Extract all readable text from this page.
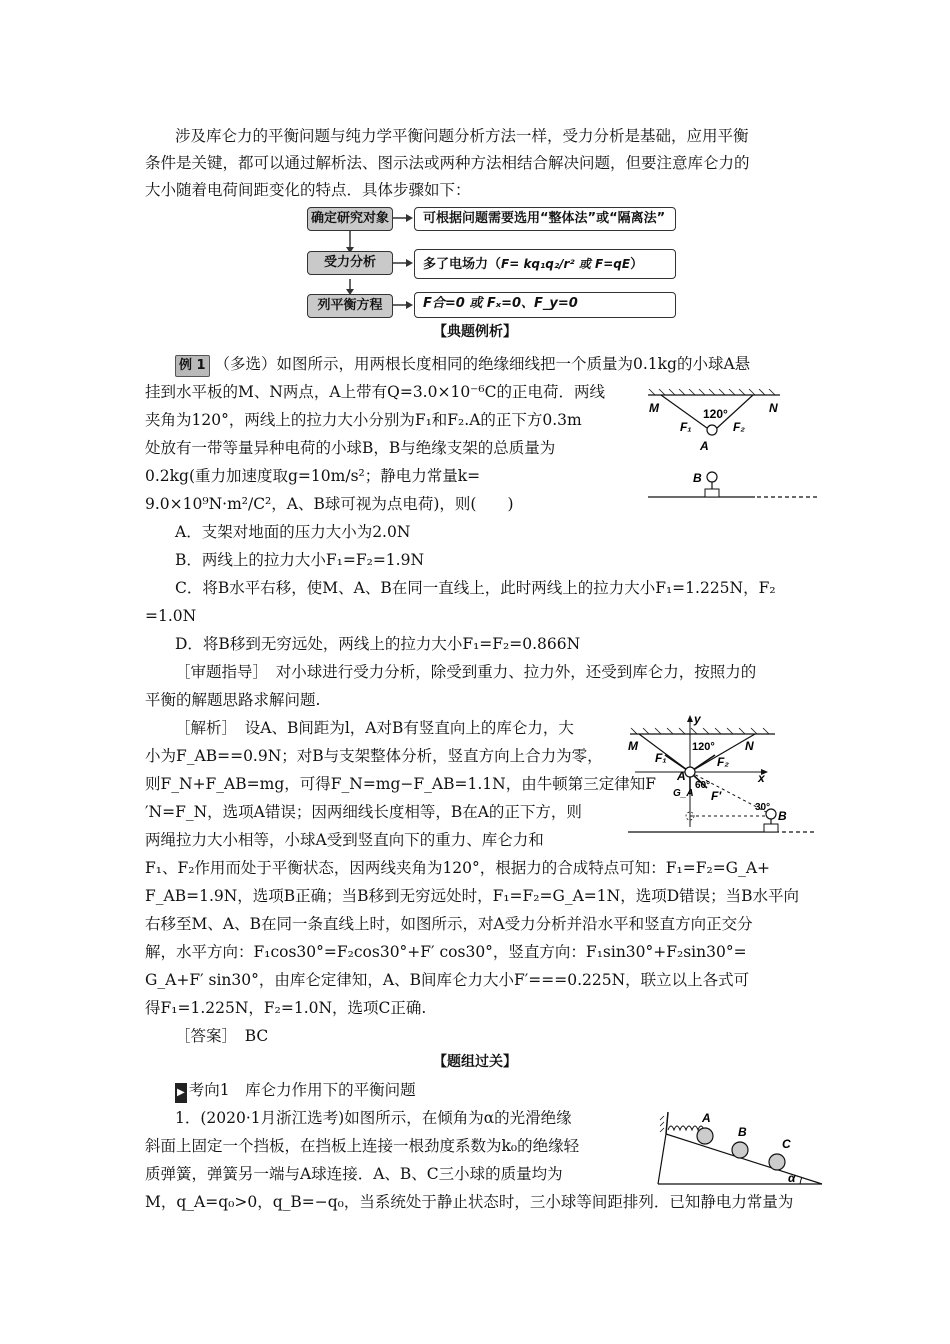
涉及库仑力的平衡问题与纯力学平衡问题分析方法一样，受力分析是基础，应用平衡
条件是关键，都可以通过解析法、图示法或两种方法相结合解决问题，但要注意库仑力的
大小随着电荷间距变化的特点．具体步骤如下：
确定研究对象	可根据问题需要选用“整体法”或“隔离法”
受力分析	多了电场力（F= kq₁q₂/r² 或 F=qE）
列平衡方程	F合=0 或 Fₓ=0、F_y=0
【典题例析】
例 1 （多选）如图所示，用两根长度相同的绝缘细线把一个质量为0.1kg的小球A悬
挂到水平板的M、N两点，A上带有Q=3.0×10⁻⁶C的正电荷．两线
夹角为120°，两线上的拉力大小分别为F₁和F₂.A的正下方0.3m
处放有一带等量异种电荷的小球B，B与绝缘支架的总质量为
0.2kg(重力加速度取g=10m/s²；静电力常量k=
9.0×10⁹N·m²/C²，A、B球可视为点电荷)，则(　　)
A．支架对地面的压力大小为2.0N
B．两线上的拉力大小F₁=F₂=1.9N
C．将B水平右移，使M、A、B在同一直线上，此时两线上的拉力大小F₁=1.225N，F₂
=1.0N
D．将B移到无穷远处，两线上的拉力大小F₁=F₂=0.866N
M	N
120°
F₁	F₂
A
B
［审题指导］　对小球进行受力分析，除受到重力、拉力外，还受到库仑力，按照力的
平衡的解题思路求解问题.
［解析］　设A、B间距为l，A对B有竖直向上的库仑力，大
小为F_AB==0.9N；对B与支架整体分析，竖直方向上合力为零，
则F_N+F_AB=mg，可得F_N=mg−F_AB=1.1N，由牛顿第三定律知F
′N=F_N，选项A错误；因两细线长度相等，B在A的正下方，则
两绳拉力大小相等，小球A受到竖直向下的重力、库仑力和
F₁、F₂作用而处于平衡状态，因两线夹角为120°，根据力的合成特点可知：F₁=F₂=G_A+
F_AB=1.9N，选项B正确；当B移到无穷远处时，F₁=F₂=G_A=1N，选项D错误；当B水平向
右移至M、A、B在同一条直线上时，如图所示，对A受力分析并沿水平和竖直方向正交分
解，水平方向：F₁cos30°=F₂cos30°+F′ cos30°，竖直方向：F₁sin30°+F₂sin30°=
G_A+F′ sin30°，由库仑定律知，A、B间库仑力大小F′===0.225N，联立以上各式可
得F₁=1.225N，F₂=1.0N，选项C正确.
y
x
M	N
120°
F₁	F₂
A
G_A
60°
F′
30°
B
［答案］　BC
【题组过关】
▶ 考向1　库仑力作用下的平衡问题
1．(2020·1月浙江选考)如图所示，在倾角为α的光滑绝缘
斜面上固定一个挡板，在挡板上连接一根劲度系数为k₀的绝缘轻
质弹簧，弹簧另一端与A球连接．A、B、C三小球的质量均为
M，q_A=q₀>0，q_B=−q₀，当系统处于静止状态时，三小球等间距排列．已知静电力常量为
A
B
C
α
